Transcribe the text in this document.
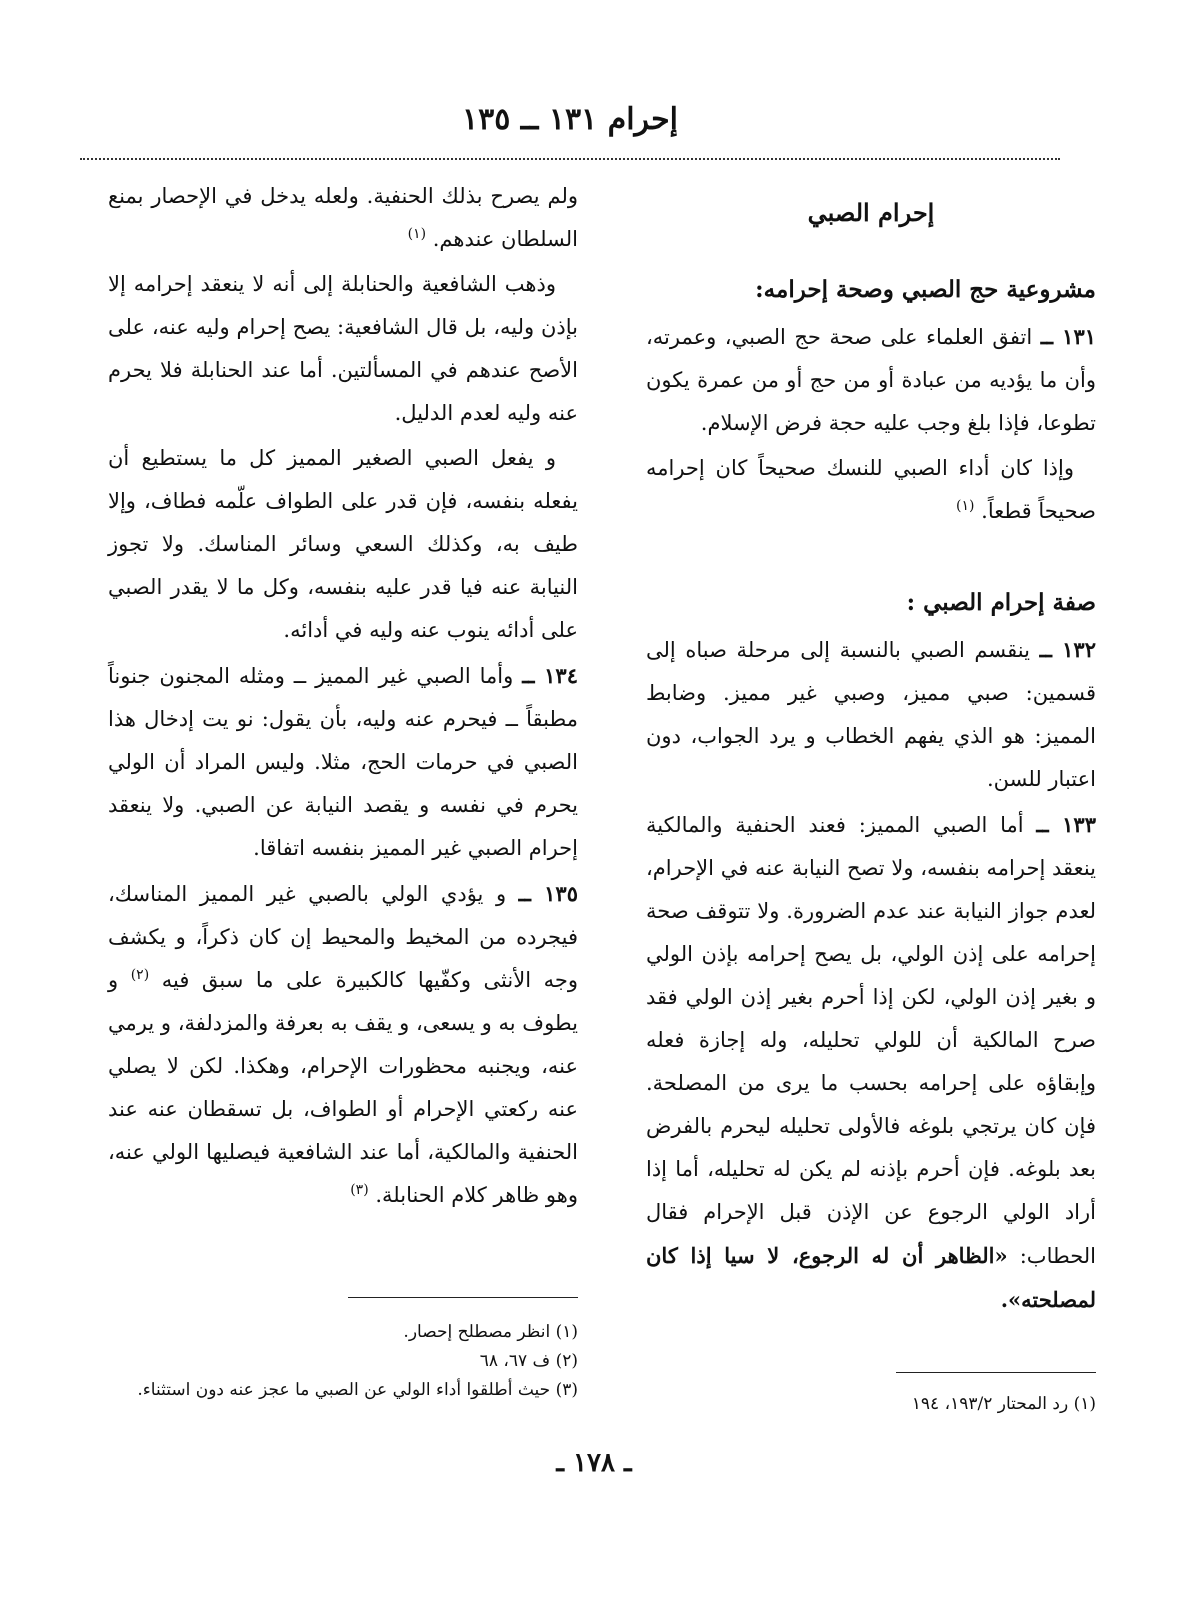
إحرام ١٣١ ــ ١٣٥
إحرام الصبي
مشروعية حج الصبي وصحة إحرامه:

١٣١ ــ اتفق العلماء على صحة حج الصبي، وعمرته، وأن ما يؤديه من عبادة أو من حج أو من عمرة يكون تطوعا، فإذا بلغ وجب عليه حجة فرض الإسلام.

وإذا كان أداء الصبي للنسك صحيحاً كان إحرامه صحيحاً قطعاً. $^{(١)}$

صفة إحرام الصبي :

١٣٢ ــ ينقسم الصبي بالنسبة إلى مرحلة صباه إلى قسمين: صبي مميز، وصبي غير مميز. وضابط المميز: هو الذي يفهم الخطاب و يرد الجواب، دون اعتبار للسن.

١٣٣ ــ أما الصبي المميز: فعند الحنفية والمالكية ينعقد إحرامه بنفسه، ولا تصح النيابة عنه في الإحرام، لعدم جواز النيابة عند عدم الضرورة. ولا تتوقف صحة إحرامه على إذن الولي، بل يصح إحرامه بإذن الولي و بغير إذن الولي، لكن إذا أحرم بغير إذن الولي فقد صرح المالكية أن للولي تحليله، وله إجازة فعله وإبقاؤه على إحرامه بحسب ما يرى من المصلحة. فإن كان يرتجي بلوغه فالأولى تحليله ليحرم بالفرض بعد بلوغه. فإن أحرم بإذنه لم يكن له تحليله، أما إذا أراد الولي الرجوع عن الإذن قبل الإحرام فقال الحطاب: «الظاهر أن له الرجوع، لا سيا إذا كان لمصلحته».

(١) رد المحتار ١٩٣/٢، ١٩٤

ولم يصرح بذلك الحنفية. ولعله يدخل في الإحصار بمنع السلطان عندهم. $^{(١)}$

وذهب الشافعية والحنابلة إلى أنه لا ينعقد إحرامه إلا بإذن وليه، بل قال الشافعية: يصح إحرام وليه عنه، على الأصح عندهم في المسألتين. أما عند الحنابلة فلا يحرم عنه وليه لعدم الدليل.

و يفعل الصبي الصغير المميز كل ما يستطيع أن يفعله بنفسه، فإن قدر على الطواف علّمه فطاف، وإلا طيف به، وكذلك السعي وسائر المناسك. ولا تجوز النيابة عنه فيا قدر عليه بنفسه، وكل ما لا يقدر الصبي على أدائه ينوب عنه وليه في أدائه.

١٣٤ ــ وأما الصبي غير المميز ــ ومثله المجنون جنوناً مطبقاً ــ فيحرم عنه وليه، بأن يقول: نو يت إدخال هذا الصبي في حرمات الحج، مثلا. وليس المراد أن الولي يحرم في نفسه و يقصد النيابة عن الصبي. ولا ينعقد إحرام الصبي غير المميز بنفسه اتفاقا.

١٣٥ ــ و يؤدي الولي بالصبي غير المميز المناسك، فيجرده من المخيط والمحيط إن كان ذكراً، و يكشف وجه الأنثى وكفّيها كالكبيرة على ما سبق فيه $^{(٢)}$ و يطوف به و يسعى، و يقف به بعرفة والمزدلفة، و يرمي عنه، ويجنبه محظورات الإحرام، وهكذا. لكن لا يصلي عنه ركعتي الإحرام أو الطواف، بل تسقطان عنه عند الحنفية والمالكية، أما عند الشافعية فيصليها الولي عنه، وهو ظاهر كلام الحنابلة. $^{(٣)}$

(١) انظر مصطلح إحصار.
(٢) ف ٦٧، ٦٨
(٣) حيث أطلقوا أداء الولي عن الصبي ما عجز عنه دون استثناء.
ـ ١٧٨ ـ
